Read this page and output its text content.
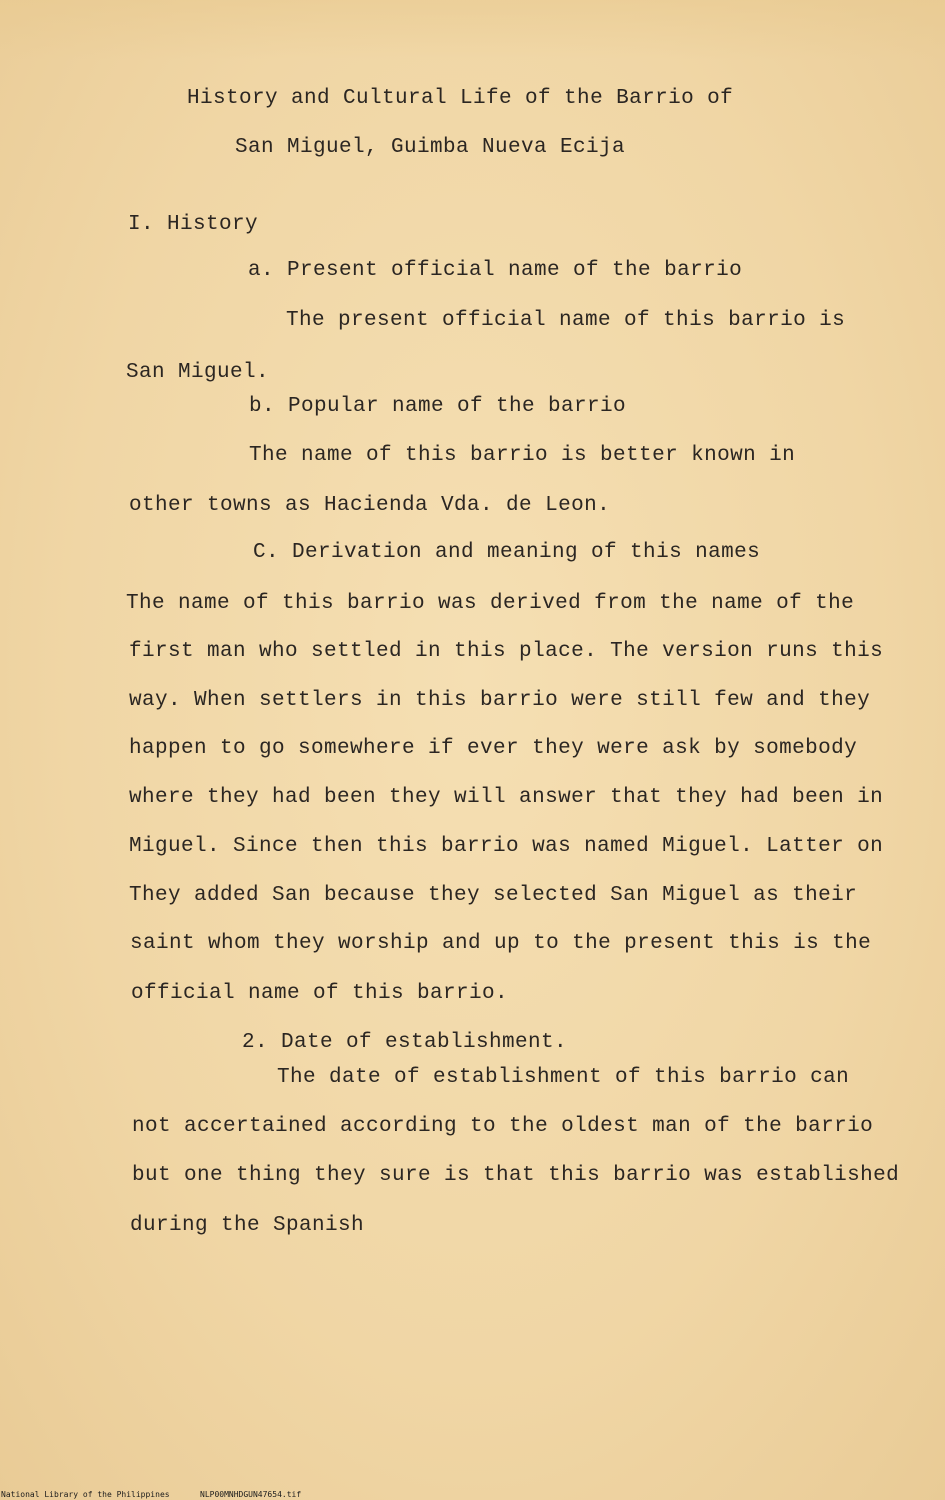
History and Cultural Life of the Barrio of

San Miguel, Guimba Nueva Ecija

I. History

a. Present official name of the barrio

The present official name of this barrio is

San Miguel.

b. Popular name of the barrio

The name of this barrio is better known in

other towns as Hacienda Vda. de Leon.

C. Derivation and meaning of this names

The name of this barrio was derived from the name of the

first man who settled in this place. The version runs this

way. When settlers in this barrio were still few and they

happen to go somewhere if ever they were ask by somebody

where they had been they will answer that they had been in

Miguel. Since then this barrio was named Miguel. Latter on

They added San because they selected San Miguel as their

saint whom they worship and up to the present this is the

official name of this barrio.

2. Date of establishment.

The date of establishment of this barrio can

not accertained according to the oldest man of the barrio

but one thing they sure is that this barrio was established

during the Spanish

National Library of the Philippines	NLP00MNHDGUN47654.tif
